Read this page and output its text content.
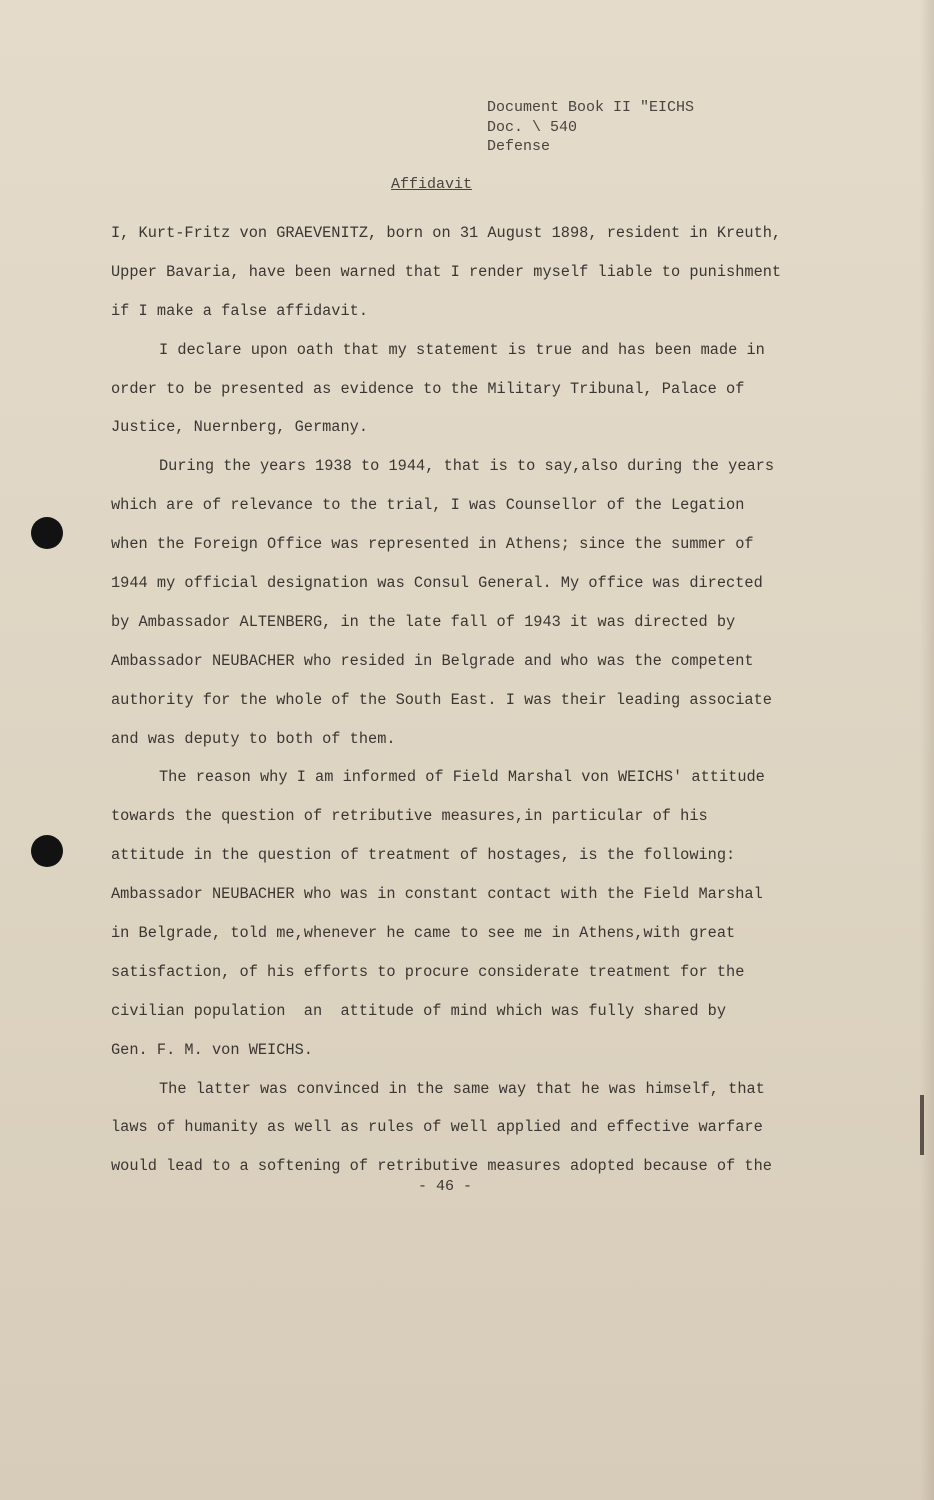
Document Book II "EICHS
Doc. \ 540
Defense
Affidavit
I, Kurt-Fritz von GRAEVENITZ, born on 31 August 1898, resident in Kreuth,
Upper Bavaria, have been warned that I render myself liable to punishment
if I make a false affidavit.
I declare upon oath that my statement is true and has been made in
order to be presented as evidence to the Military Tribunal, Palace of
Justice, Nuernberg, Germany.
During the years 1938 to 1944, that is to say,also during the years
which are of relevance to the trial, I was Counsellor of the Legation
when the Foreign Office was represented in Athens; since the summer of
1944 my official designation was Consul General. My office was directed
by Ambassador ALTENBERG, in the late fall of 1943 it was directed by
Ambassador NEUBACHER who resided in Belgrade and who was the competent
authority for the whole of the South East. I was their leading associate
and was deputy to both of them.
The reason why I am informed of Field Marshal von WEICHS' attitude
towards the question of retributive measures,in particular of his
attitude in the question of treatment of hostages, is the following:
Ambassador NEUBACHER who was in constant contact with the Field Marshal
in Belgrade, told me,whenever he came to see me in Athens,with great
satisfaction, of his efforts to procure considerate treatment for the
civilian population  an  attitude of mind which was fully shared by
Gen. F. M. von WEICHS.
The latter was convinced in the same way that he was himself, that
laws of humanity as well as rules of well applied and effective warfare
would lead to a softening of retributive measures adopted because of the
- 46 -
